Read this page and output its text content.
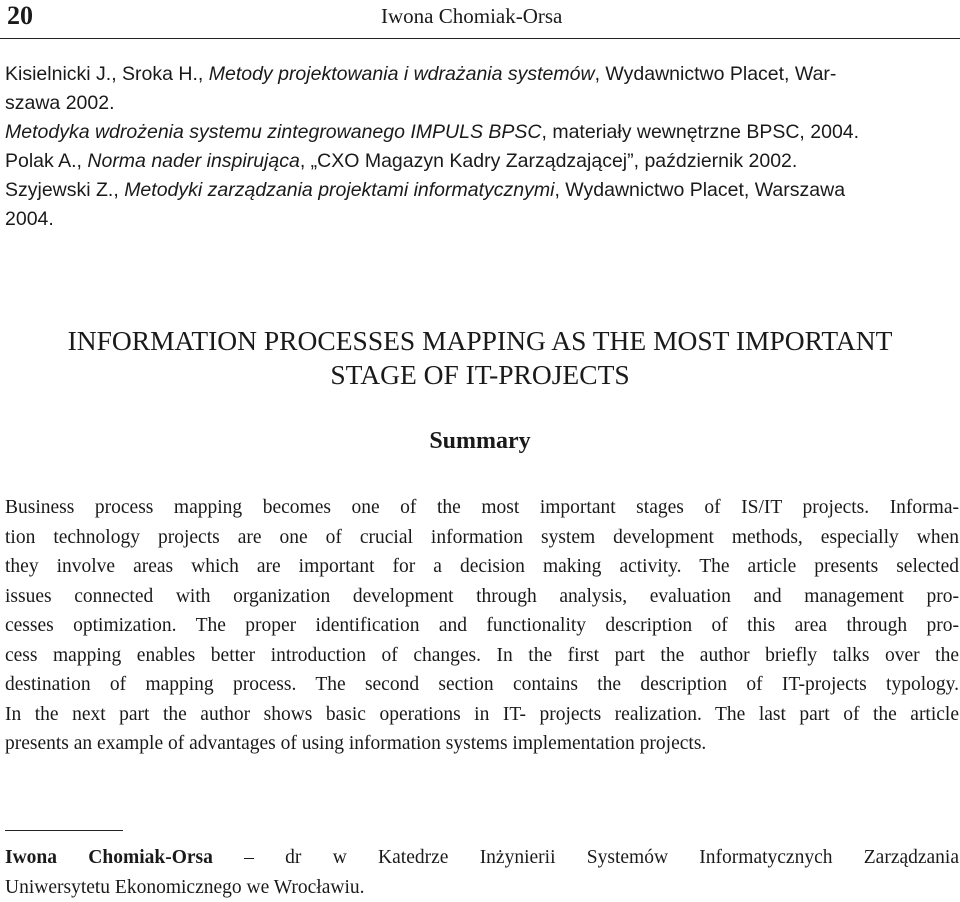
20	Iwona Chomiak-Orsa
Kisielnicki J., Sroka H., Metody projektowania i wdrażania systemów, Wydawnictwo Placet, War-
szawa 2002.
Metodyka wdrożenia systemu zintegrowanego IMPULS BPSC, materiały wewnętrzne BPSC, 2004.
Polak A., Norma nader inspirująca, „CXO Magazyn Kadry Zarządzającej”, październik 2002.
Szyjewski Z., Metodyki zarządzania projektami informatycznymi, Wydawnictwo Placet, Warszawa
2004.
INFORMATION PROCESSES MAPPING AS THE MOST IMPORTANT
STAGE OF IT-PROJECTS
Summary
Business process mapping becomes one of the most important stages of IS/IT projects. Informa-
tion technology projects are one of crucial information system development methods, especially when
they involve areas which are important for a decision making activity. The article presents selected
issues connected with organization development through analysis, evaluation and management pro-
cesses optimization. The proper identification and functionality description of this area through pro-
cess mapping enables better introduction of changes. In the first part the author briefly talks over the
destination of mapping process. The second section contains the description of IT-projects typology.
In the next part the author shows basic operations in IT- projects realization. The last part of the article
presents an example of advantages of using information systems implementation projects.
Iwona Chomiak-Orsa – dr w Katedrze Inżynierii Systemów Informatycznych Zarządzania
Uniwersytetu Ekonomicznego we Wrocławiu.
